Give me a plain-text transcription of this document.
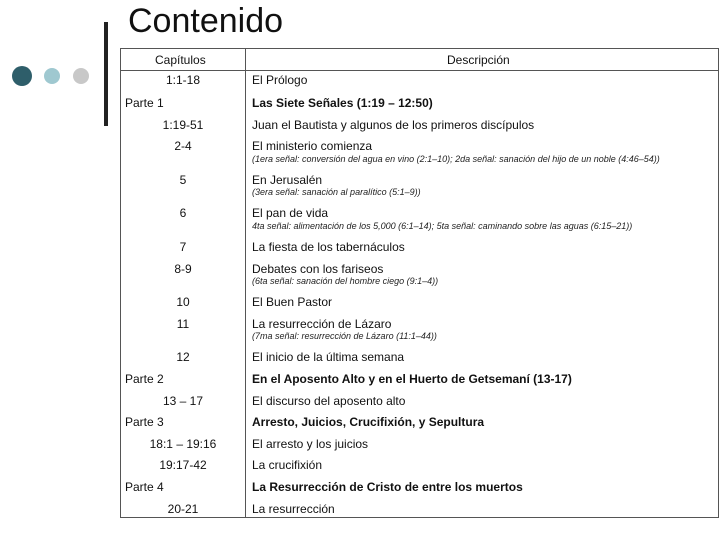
Contenido
Capítulos	Descripción
1:1-18	El Prólogo
Parte 1	Las Siete Señales (1:19 – 12:50)
1:19-51	Juan el Bautista y algunos de los primeros discípulos
2-4	El ministerio comienza
(1era señal: conversión del agua en vino (2:1–10); 2da señal: sanación del hijo de un noble (4:46–54))
5	En Jerusalén
(3era señal: sanación al paralítico (5:1–9))
6	El pan de vida
4ta señal: alimentación de los 5,000 (6:1–14); 5ta señal: caminando sobre las aguas (6:15–21))
7	La fiesta de los tabernáculos
8-9	Debates con los fariseos
(6ta señal: sanación del hombre ciego (9:1–4))
10	El Buen Pastor
11	La resurrección de Lázaro
(7ma señal: resurrección de Lázaro (11:1–44))
12	El inicio de la última semana
Parte 2	En el Aposento Alto y en el Huerto de Getsemaní (13-17)
13 – 17	El discurso del aposento alto
Parte 3	Arresto, Juicios, Crucifixión, y Sepultura
18:1 – 19:16	El arresto y los juicios
19:17-42	La crucifixión
Parte 4	La Resurrección de Cristo de entre los muertos
20-21	La resurrección
